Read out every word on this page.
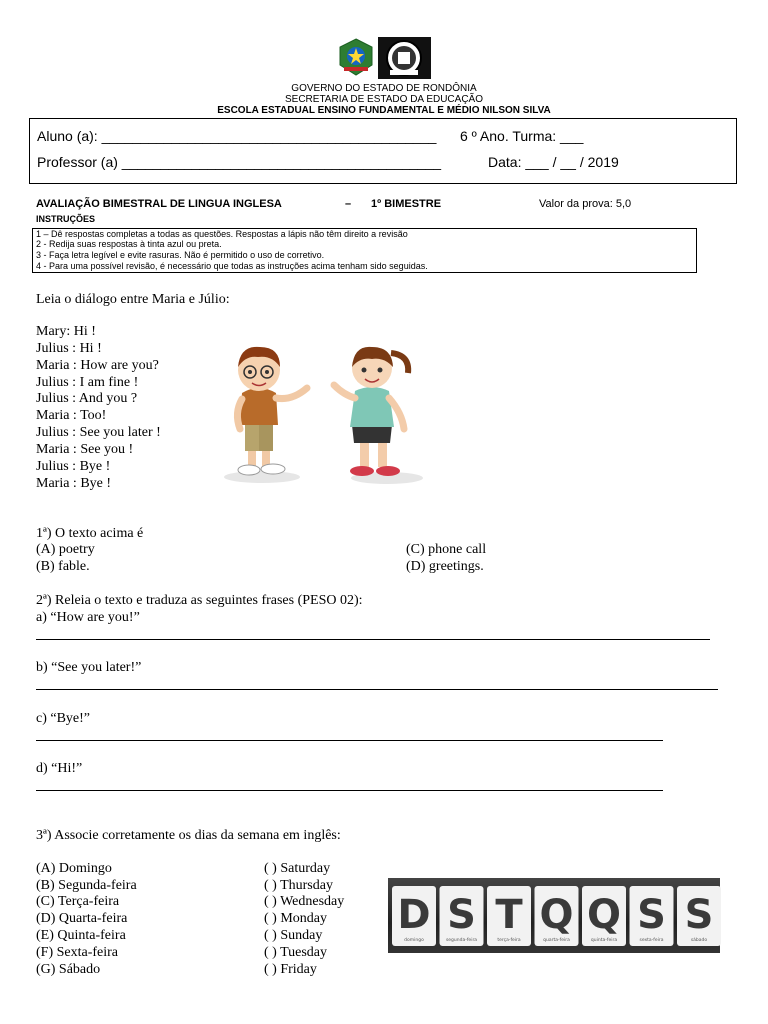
GOVERNO DO ESTADO DE RONDÔNIA
SECRETARIA DE ESTADO DA EDUCAÇÃO
ESCOLA ESTADUAL ENSINO FUNDAMENTAL E MÉDIO NILSON SILVA
Aluno (a): ___________________________________________ 6 º Ano. Turma: ___
Professor (a) _________________________________________	Data: ___ / __ / 2019
AVALIAÇÃO BIMESTRAL DE LINGUA INGLESA	– 1º BIMESTRE	Valor da prova: 5,0
INSTRUÇÕES
1 – Dê respostas completas a todas as questões. Respostas a lápis não têm direito a revisão
2 - Redija suas respostas à tinta azul ou preta.
3 - Faça letra legível e evite rasuras. Não é permitido o uso de corretivo.
4 - Para uma possível revisão, é necessário que todas as instruções acima tenham sido seguidas.
Leia o diálogo entre Maria e Júlio:
Mary: Hi !
Julius : Hi !
Maria : How are you?
Julius : I am fine !
Julius : And you ?
Maria : Too!
Julius : See you later !
Maria : See you !
Julius : Bye !
Maria : Bye !
1ª) O texto acima é
(A) poetry
(B) fable.
(C) phone call
(D) greetings.
2ª) Releia o texto e traduza as seguintes frases (PESO 02):
a) “How are you!”
b) “See you later!”
c) “Bye!”
d) “Hi!”
3ª) Associe corretamente os dias da semana em inglês:
(A) Domingo
(B) Segunda-feira
(C) Terça-feira
(D) Quarta-feira
(E) Quinta-feira
(F) Sexta-feira
(G) Sábado
( ) Saturday
( ) Thursday
( ) Wednesday
( ) Monday
( ) Sunday
( ) Tuesday
( ) Friday
D
domingo
S
segunda-feira
T
terça-feira
Q
quarta-feira
Q
quinta-feira
S
sexta-feira
S
sábado
